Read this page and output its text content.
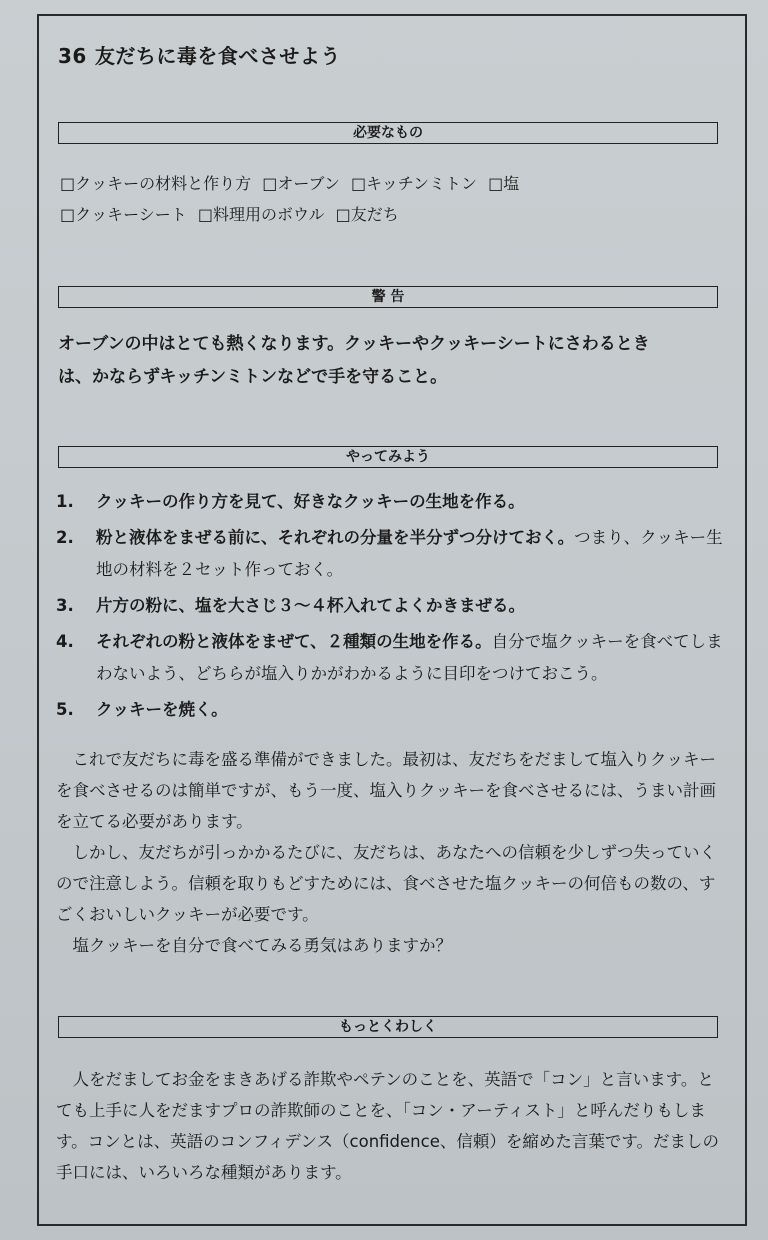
36 友だちに毒を食べさせよう
必要なもの
□クッキーの材料と作り方 □オーブン □キッチンミトン □塩
□クッキーシート □料理用のボウル □友だち
警 告
オーブンの中はとても熱くなります。クッキーやクッキーシートにさわるとき
は、かならずキッチンミトンなどで手を守ること。
やってみよう
1.	クッキーの作り方を見て、好きなクッキーの生地を作る。
2.	粉と液体をまぜる前に、それぞれの分量を半分ずつ分けておく。つまり、クッキー生地の材料を２セット作っておく。
3.	片方の粉に、塩を大さじ３〜４杯入れてよくかきまぜる。
4.	それぞれの粉と液体をまぜて、２種類の生地を作る。自分で塩クッキーを食べてしまわないよう、どちらが塩入りかがわかるように目印をつけておこう。
5.	クッキーを焼く。

これで友だちに毒を盛る準備ができました。最初は、友だちをだまして塩入りクッキーを食べさせるのは簡単ですが、もう一度、塩入りクッキーを食べさせるには、うまい計画を立てる必要があります。

しかし、友だちが引っかかるたびに、友だちは、あなたへの信頼を少しずつ失っていくので注意しよう。信頼を取りもどすためには、食べさせた塩クッキーの何倍もの数の、すごくおいしいクッキーが必要です。

塩クッキーを自分で食べてみる勇気はありますか？

もっとくわしく

人をだましてお金をまきあげる詐欺やペテンのことを、英語で「コン」と言います。とても上手に人をだますプロの詐欺師のことを、「コン・アーティスト」と呼んだりもします。コンとは、英語のコンフィデンス（confidence、信頼）を縮めた言葉です。だましの手口には、いろいろな種類があります。
